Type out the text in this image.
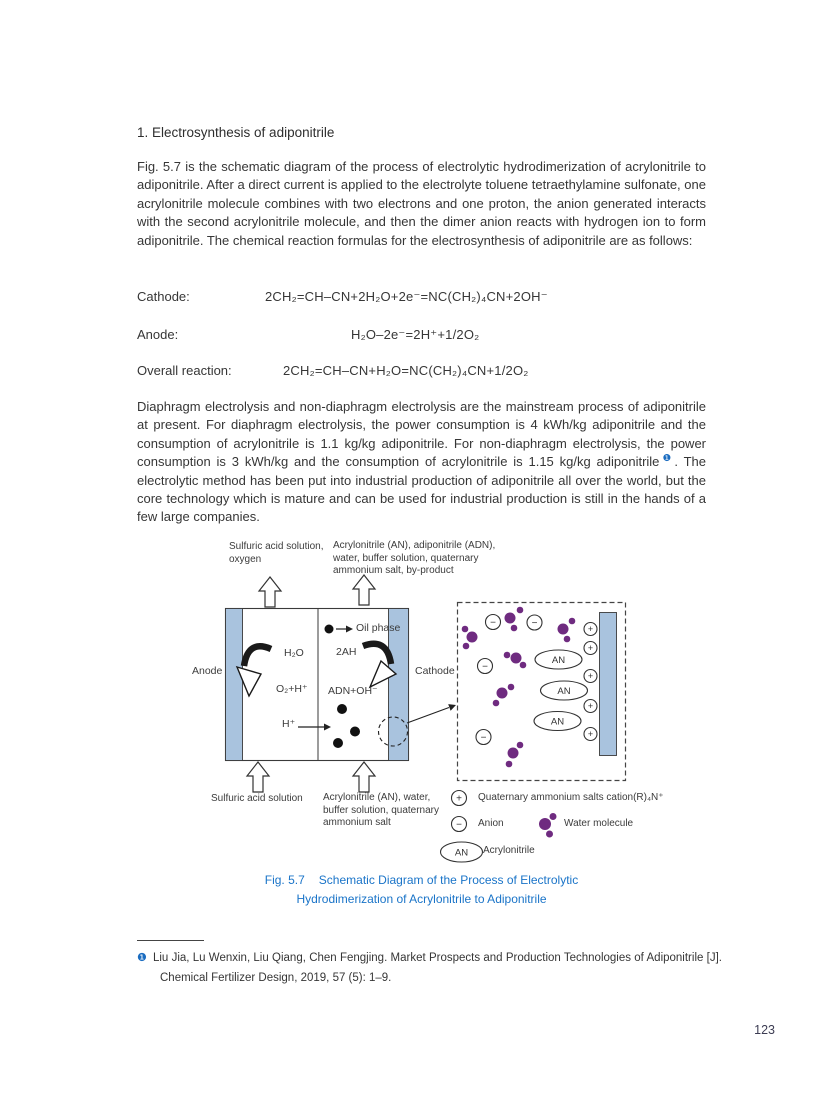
1. Electrosynthesis of adiponitrile

Fig. 5.7 is the schematic diagram of the process of electrolytic hydrodimerization of acrylonitrile to adiponitrile. After a direct current is applied to the electrolyte toluene tetraethylamine sulfonate, one acrylonitrile molecule combines with two electrons and one proton, the anion generated interacts with the second acrylonitrile molecule, and then the dimer anion reacts with hydrogen ion to form adiponitrile. The chemical reaction formulas for the electrosynthesis of adiponitrile are as follows:

Cathode:	2CH₂=CH–CN+2H₂O+2e⁻=NC(CH₂)₄CN+2OH⁻
Anode:	H₂O–2e⁻=2H⁺+1/2O₂
Overall reaction:	2CH₂=CH–CN+H₂O=NC(CH₂)₄CN+1/2O₂

Diaphragm electrolysis and non-diaphragm electrolysis are the mainstream process of adiponitrile at present. For diaphragm electrolysis, the power consumption is 4 kWh/kg adiponitrile and the consumption of acrylonitrile is 1.1 kg/kg adiponitrile. For non-diaphragm electrolysis, the power consumption is 3 kWh/kg and the consumption of acrylonitrile is 1.15 kg/kg adiponitrile$^❶$. The electrolytic method has been put into industrial production of adiponitrile all over the world, but the core technology which is mature and can be used for industrial production is still in the hands of a few large companies.

+
+
+
+
+
−	−
−
−
AN
AN
AN
+
−
AN
Sulfuric acid solution,
oxygen
Acrylonitrile (AN), adiponitrile (ADN),
water, buffer solution, quaternary
ammonium salt, by-product
Anode	Cathode
H₂O
O₂+H⁺
Oil phase
2AH
ADN+OH⁻
H⁺
Sulfuric acid solution Acrylonitrile (AN), water,
buffer solution, quaternary
ammonium salt
Quaternary ammonium salts cation(R)₄N⁺
Anion	Water molecule
Acrylonitrile
Fig. 5.7 Schematic Diagram of the Process of Electrolytic
Hydrodimerization of Acrylonitrile to Adiponitrile
❶ Liu Jia, Lu Wenxin, Liu Qiang, Chen Fengjing. Market Prospects and Production Technologies of Adiponitrile [J]. Chemical Fertilizer Design, 2019, 57 (5): 1–9.
123
